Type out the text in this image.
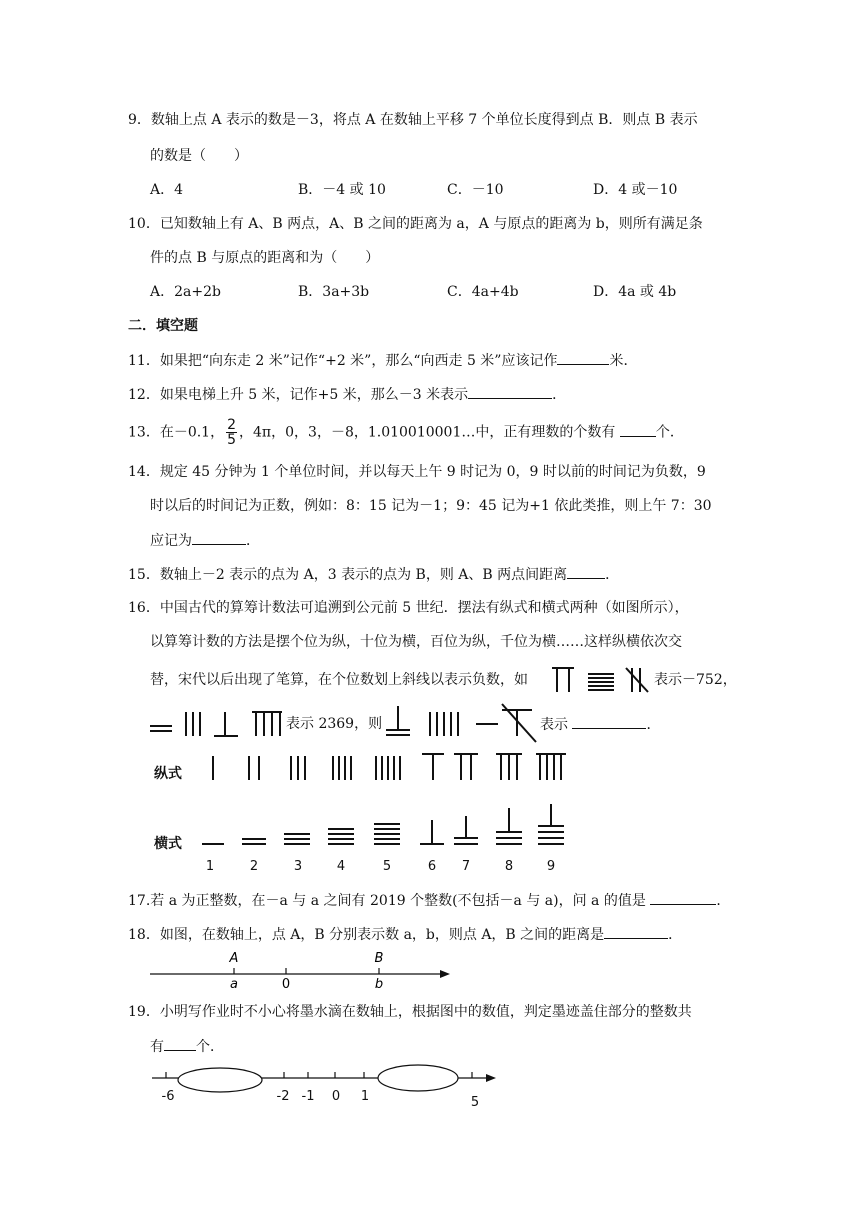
9．数轴上点 A 表示的数是－3，将点 A 在数轴上平移 7 个单位长度得到点 B．则点 B 表示
的数是（　　）
A．4	B．－4 或 10	C．－10	D．4 或－10
10．已知数轴上有 A、B 两点，A、B 之间的距离为 a，A 与原点的距离为 b，则所有满足条
件的点 B 与原点的距离和为（　　）
A．2a+2b	B．3a+3b	C．4a+4b	D．4a 或 4b
二．填空题
11．如果把“向东走 2 米”记作“+2 米”，那么“向西走 5 米”应该记作	米．
12．如果电梯上升 5 米，记作+5 米，那么－3 米表示	．
13．在－0.1， $\frac{2}{5}$ ，4π，0，3，－8，1.010010001…中，正有理数的个数有	个．
14．规定 45 分钟为 1 个单位时间，并以每天上午 9 时记为 0，9 时以前的时间记为负数，9
时以后的时间记为正数，例如：8：15 记为－1；9：45 记为+1 依此类推，则上午 7：30
应记为	．
15．数轴上－2 表示的点为 A，3 表示的点为 B，则 A、B 两点间距离	．
16．中国古代的算筹计数法可追溯到公元前 5 世纪．摆法有纵式和横式两种（如图所示），
以算筹计数的方法是摆个位为纵，十位为横，百位为纵，千位为横……这样纵横依次交
替，宋代以后出现了笔算，在个位数划上斜线以表示负数，如	表示－752，
表示 2369，则	表示	．
纵式
横式
1	2	3	4	5	6 7	8	9
17.若 a 为正整数，在－a 与 a 之间有 2019 个整数(不包括－a 与 a)，问 a 的值是	．
18．如图，在数轴上，点 A，B 分别表示数 a，b，则点 A，B 之间的距离是	．
A
a	0
B
b
19．小明写作业时不小心将墨水滴在数轴上，根据图中的数值，判定墨迹盖住部分的整数共
有 个．
-6	-2 -1 0 1	5
